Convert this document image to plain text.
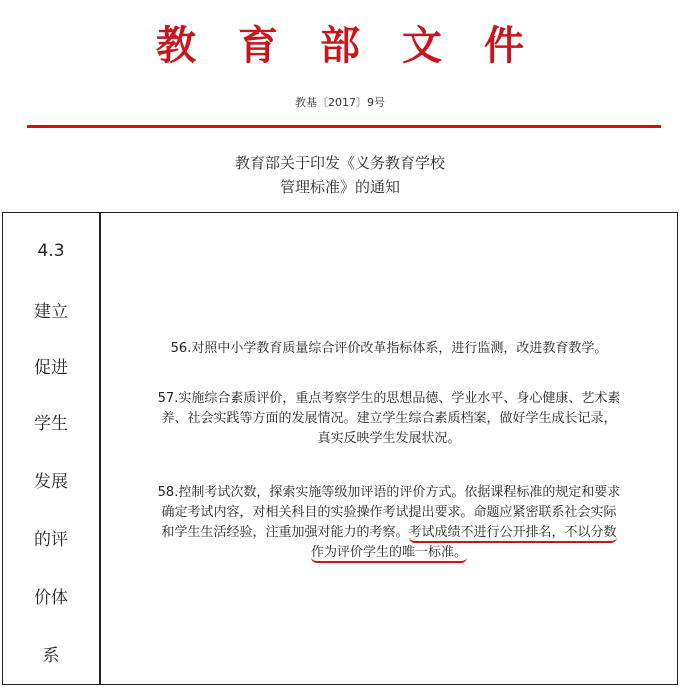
教育部文件
教基〔2017〕9号
教育部关于印发《义务教育学校
管理标准》的通知
4.3
建立
促进
学生
发展
的评
价体
系
56.对照中小学教育质量综合评价改革指标体系，进行监测，改进教育教学。
57.实施综合素质评价，重点考察学生的思想品德、学业水平、身心健康、艺术素
养、社会实践等方面的发展情况。建立学生综合素质档案，做好学生成长记录，
真实反映学生发展状况。
58.控制考试次数，探索实施等级加评语的评价方式。依据课程标准的规定和要求
确定考试内容，对相关科目的实验操作考试提出要求。命题应紧密联系社会实际
和学生生活经验，注重加强对能力的考察。考试成绩不进行公开排名，不以分数
作为评价学生的唯一标准。
